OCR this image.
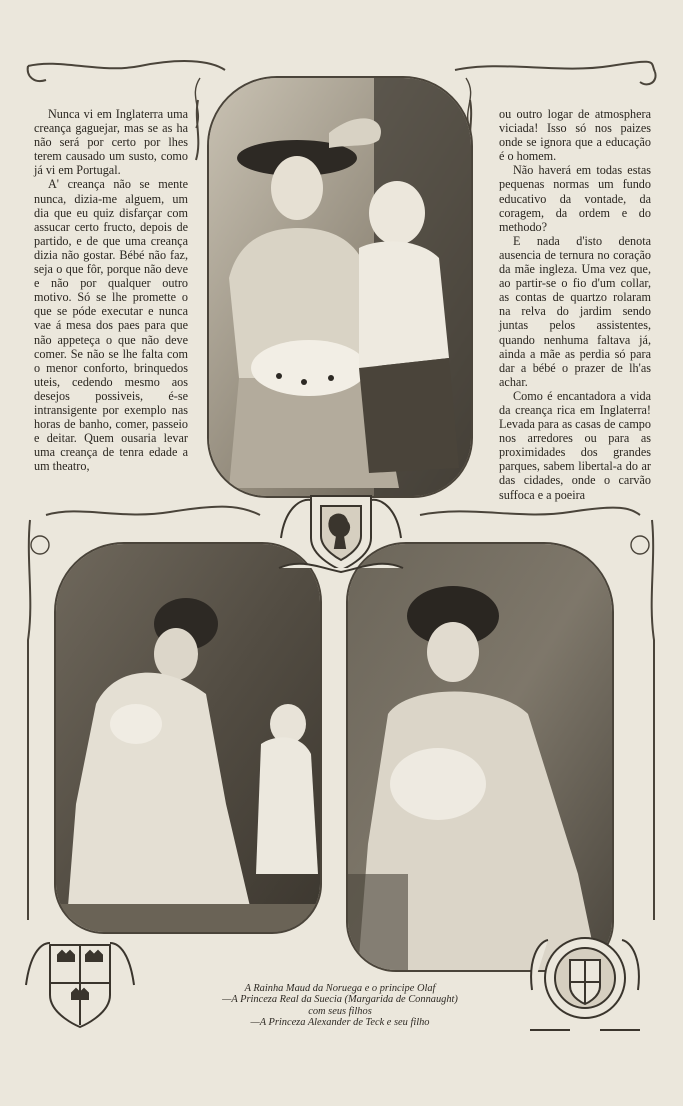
Nunca vi em Inglaterra uma creança gaguejar, mas se as ha não será por certo por lhes terem causado um susto, como já vi em Portugal.

A' creança não se mente nunca, dizia-me alguem, um dia que eu quiz disfarçar com assucar certo fructo, depois de partido, e de que uma creança dizia não gostar. Bébé não faz, seja o que fôr, porque não deve e não por qualquer outro motivo. Só se lhe promette o que se póde executar e nunca vae á mesa dos paes para que não appeteça o que não deve comer. Se não se lhe falta com o menor conforto, brinquedos uteis, cedendo mesmo aos desejos possiveis, é-se intransigente por exemplo nas horas de banho, comer, passeio e deitar. Quem ousaria levar uma creança de tenra edade a um theatro,

ou outro logar de atmosphera viciada! Isso só nos paizes onde se ignora que a educação é o homem.

Não haverá em todas estas pequenas normas um fundo educativo da vontade, da coragem, da ordem e do methodo?

E nada d'isto denota ausencia de ternura no coração da mãe ingleza. Uma vez que, ao partir-se o fio d'um collar, as contas de quartzo rolaram na relva do jardim sendo juntas pelos assistentes, quando nenhuma faltava já, ainda a mãe as perdia só para dar a bébé o prazer de lh'as achar.

Como é encantadora a vida da creança rica em Inglaterra! Levada para as casas de campo nos arredores ou para as proximidades dos grandes parques, sabem libertal-a do ar das cidades, onde o carvão suffoca e a poeira

A Rainha Maud da Noruega e o principe Olaf
—A Princeza Real da Suecia (Margarida de Connaught)
com seus filhos
—A Princeza Alexander de Teck e seu filho
